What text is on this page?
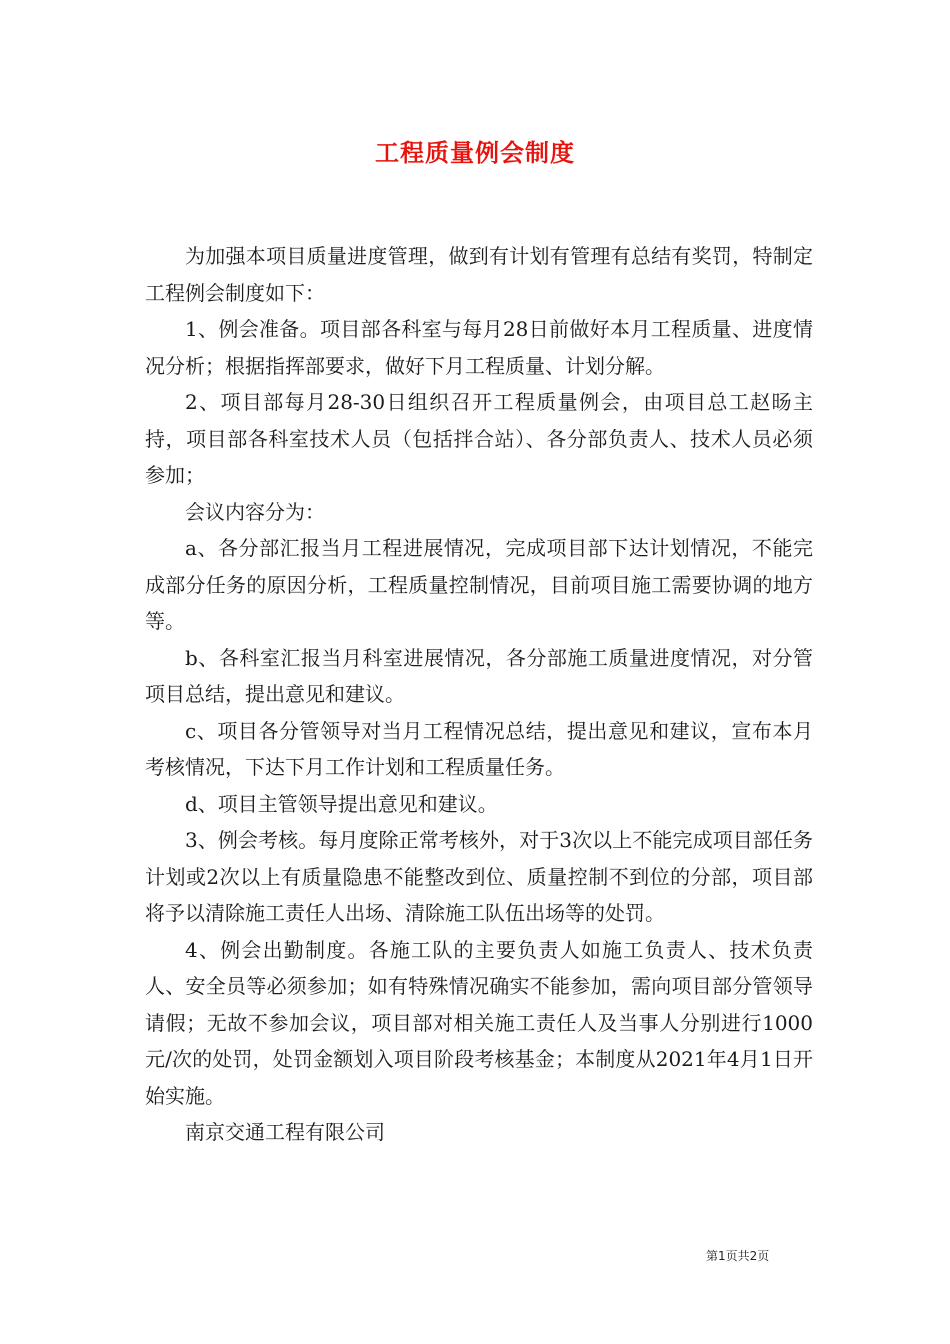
工程质量例会制度

为加强本项目质量进度管理，做到有计划有管理有总结有奖罚，特制定工程例会制度如下：

1、例会准备。项目部各科室与每月28日前做好本月工程质量、进度情况分析；根据指挥部要求，做好下月工程质量、计划分解。

2、项目部每月28-30日组织召开工程质量例会，由项目总工赵旸主持，项目部各科室技术人员（包括拌合站）、各分部负责人、技术人员必须参加；

会议内容分为：

a、各分部汇报当月工程进展情况，完成项目部下达计划情况，不能完成部分任务的原因分析，工程质量控制情况，目前项目施工需要协调的地方等。

b、各科室汇报当月科室进展情况，各分部施工质量进度情况，对分管项目总结，提出意见和建议。

c、项目各分管领导对当月工程情况总结，提出意见和建议，宣布本月考核情况，下达下月工作计划和工程质量任务。

d、项目主管领导提出意见和建议。

3、例会考核。每月度除正常考核外，对于3次以上不能完成项目部任务计划或2次以上有质量隐患不能整改到位、质量控制不到位的分部，项目部将予以清除施工责任人出场、清除施工队伍出场等的处罚。

4、例会出勤制度。各施工队的主要负责人如施工负责人、技术负责人、安全员等必须参加；如有特殊情况确实不能参加，需向项目部分管领导请假；无故不参加会议，项目部对相关施工责任人及当事人分别进行1000元/次的处罚，处罚金额划入项目阶段考核基金；本制度从2021年4月1日开始实施。

南京交通工程有限公司

第1页共2页
